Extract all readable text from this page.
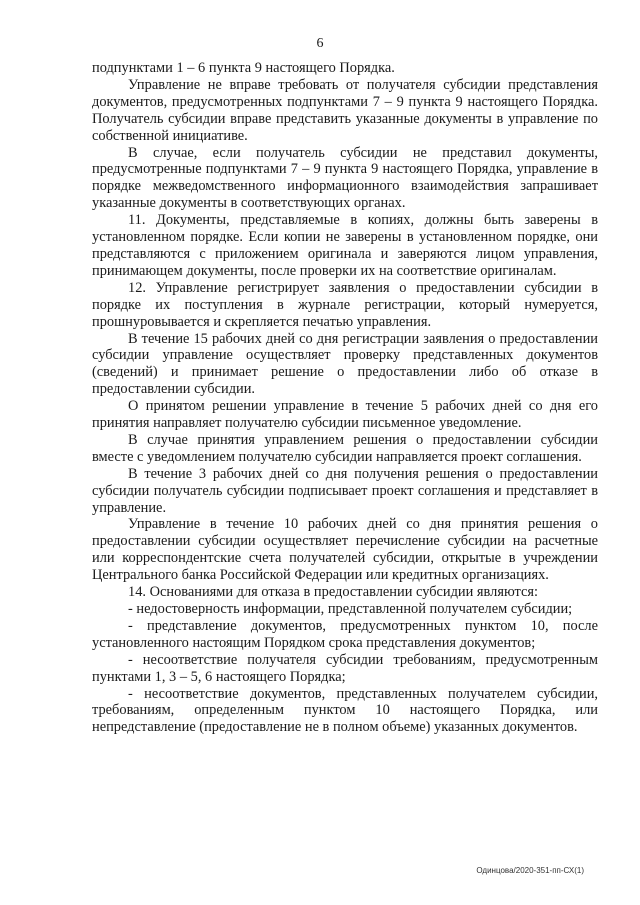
6

подпунктами 1 – 6 пункта 9 настоящего Порядка.

Управление не вправе требовать от получателя субсидии представления документов, предусмотренных подпунктами 7 – 9 пункта 9 настоящего Порядка. Получатель субсидии вправе представить указанные документы в управление по собственной инициативе.

В случае, если получатель субсидии не представил документы, предусмотренные подпунктами 7 – 9 пункта 9 настоящего Порядка, управление в порядке межведомственного информационного взаимодействия запрашивает указанные документы в соответствующих органах.

11. Документы, представляемые в копиях, должны быть заверены в установленном порядке. Если копии не заверены в установленном порядке, они представляются с приложением оригинала и заверяются лицом управления, принимающем документы, после проверки их на соответствие оригиналам.

12. Управление регистрирует заявления о предоставлении субсидии в порядке их поступления в журнале регистрации, который нумеруется, прошнуровывается и скрепляется печатью управления.

В течение 15 рабочих дней со дня регистрации заявления о предоставлении субсидии управление осуществляет проверку представленных документов (сведений) и принимает решение о предоставлении либо об отказе в предоставлении субсидии.

О принятом решении управление в течение 5 рабочих дней со дня его принятия направляет получателю субсидии письменное уведомление.

В случае принятия управлением решения о предоставлении субсидии вместе с уведомлением получателю субсидии направляется проект соглашения.

В течение 3 рабочих дней со дня получения решения о предоставлении субсидии получатель субсидии подписывает проект соглашения и представляет в управление.

Управление в течение 10 рабочих дней со дня принятия решения о предоставлении субсидии осуществляет перечисление субсидии на расчетные или корреспондентские счета получателей субсидии, открытые в учреждении Центрального банка Российской Федерации или кредитных организациях.

14. Основаниями для отказа в предоставлении субсидии являются:

- недостоверность информации, представленной получателем субсидии;

- представление документов, предусмотренных пунктом 10, после установленного настоящим Порядком срока представления документов;

- несоответствие получателя субсидии требованиям, предусмотренным пунктами 1, 3 – 5, 6 настоящего Порядка;

- несоответствие документов, представленных получателем субсидии, требованиям, определенным пунктом 10 настоящего Порядка, или непредставление (предоставление не в полном объеме) указанных документов.

Одинцова/2020-351-пп-СХ(1)
